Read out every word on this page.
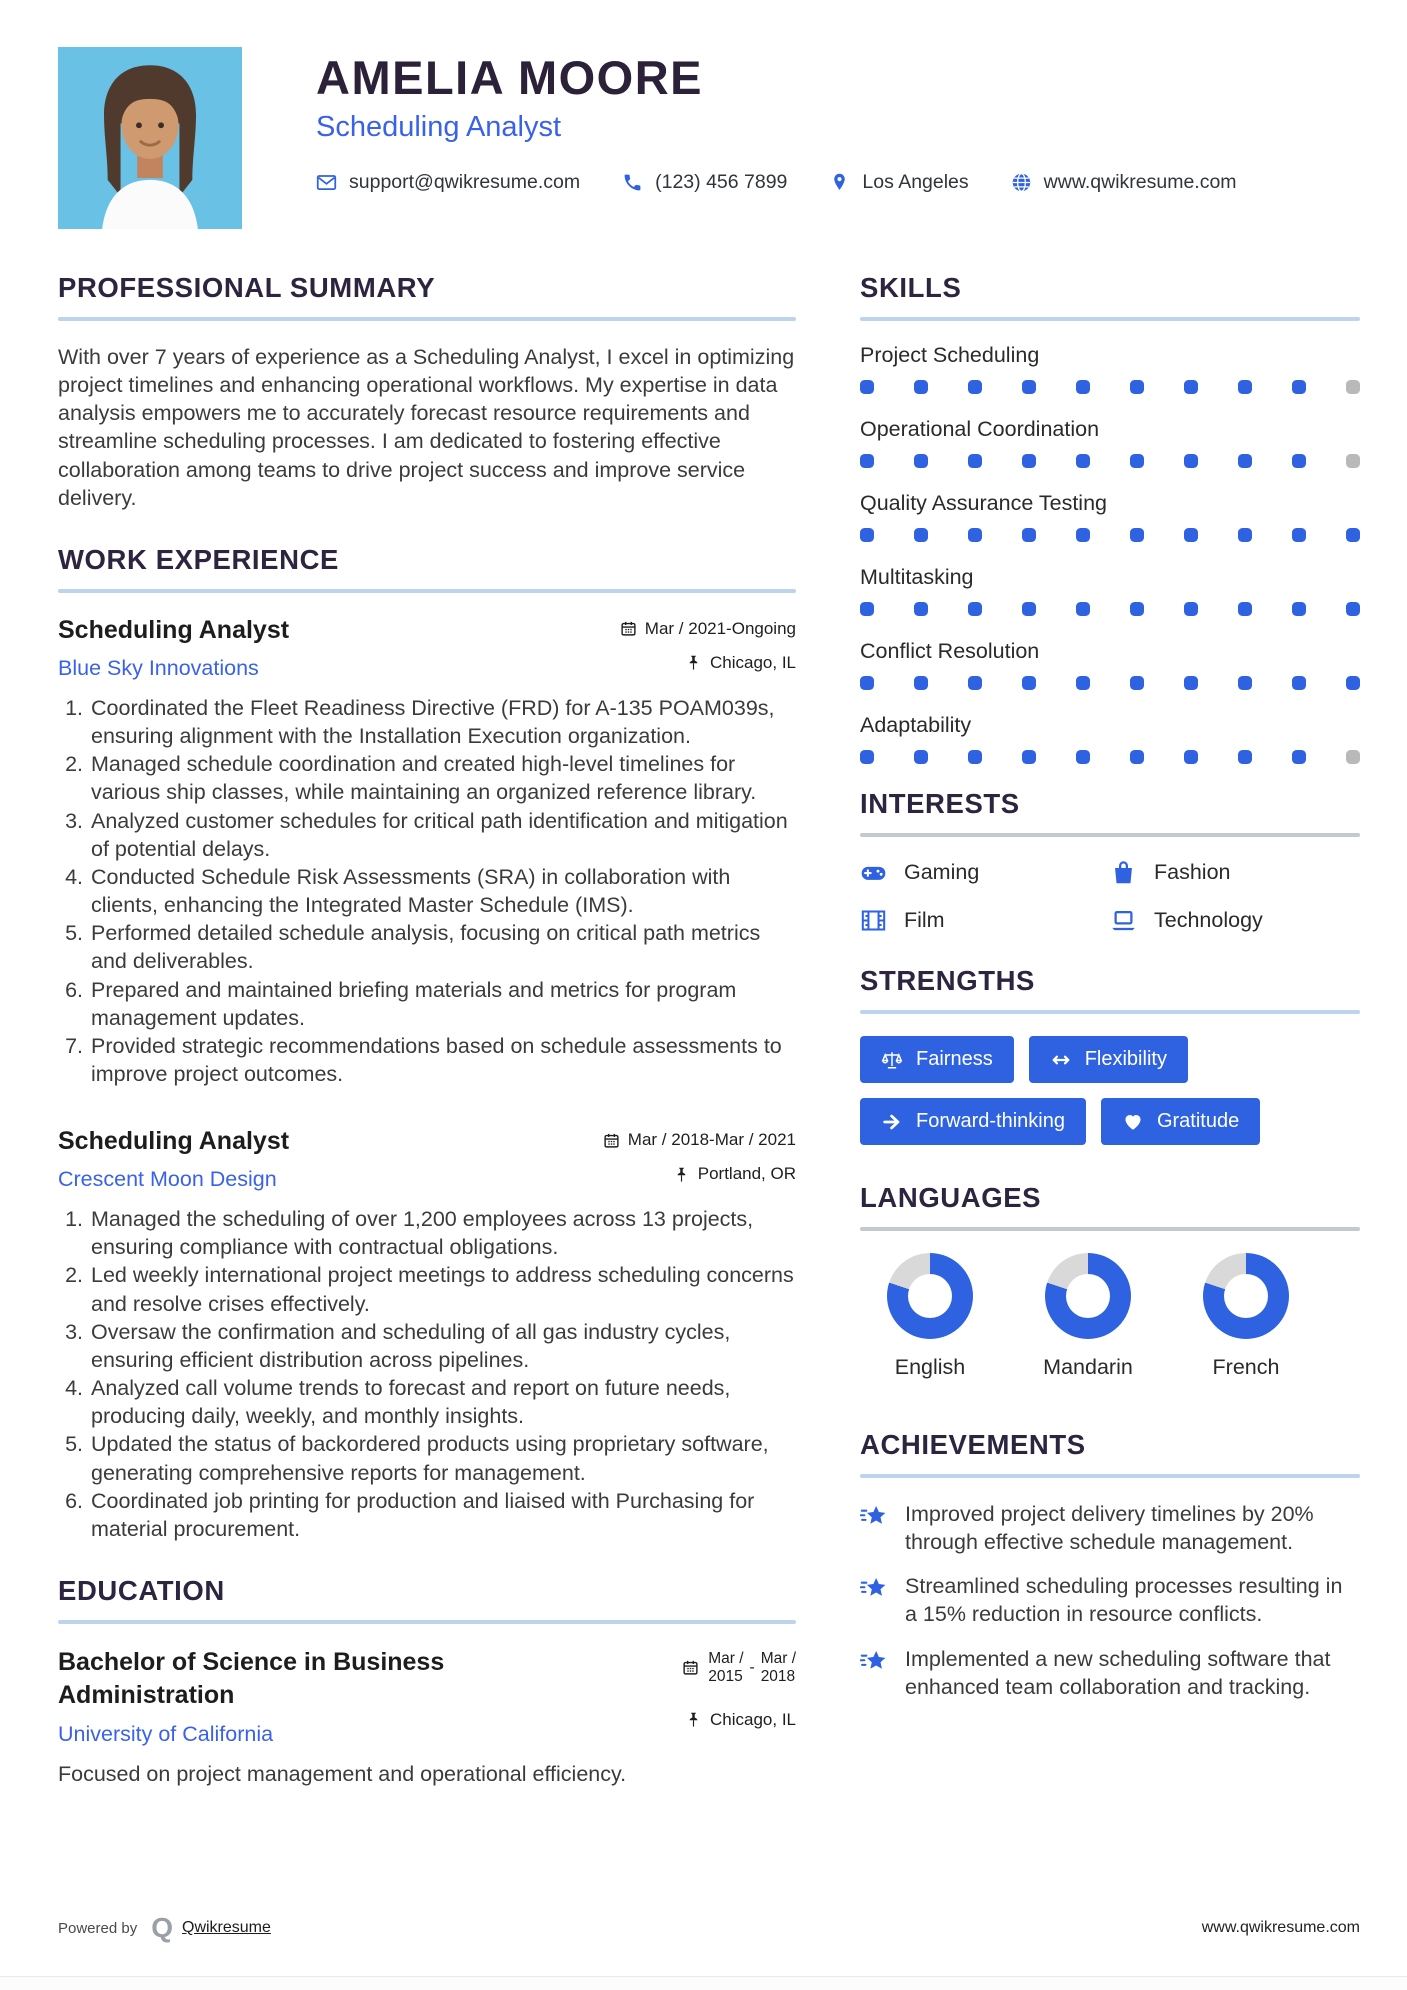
AMELIA MOORE
Scheduling Analyst
support@qwikresume.com	(123) 456 7899	Los Angeles	www.qwikresume.com
PROFESSIONAL SUMMARY

With over 7 years of experience as a Scheduling Analyst, I excel in optimizing project timelines and enhancing operational workflows. My expertise in data analysis empowers me to accurately forecast resource requirements and streamline scheduling processes. I am dedicated to fostering effective collaboration among teams to drive project success and improve service delivery.

WORK EXPERIENCE
Scheduling Analyst
Blue Sky Innovations
Mar / 2021-Ongoing
Chicago, IL
1. Coordinated the Fleet Readiness Directive (FRD) for A-135 POAM039s, ensuring alignment with the Installation Execution organization.
2. Managed schedule coordination and created high-level timelines for various ship classes, while maintaining an organized reference library.
3. Analyzed customer schedules for critical path identification and mitigation of potential delays.
4. Conducted Schedule Risk Assessments (SRA) in collaboration with clients, enhancing the Integrated Master Schedule (IMS).
5. Performed detailed schedule analysis, focusing on critical path metrics and deliverables.
6. Prepared and maintained briefing materials and metrics for program management updates.
7. Provided strategic recommendations based on schedule assessments to improve project outcomes.
Scheduling Analyst
Crescent Moon Design
Mar / 2018-Mar / 2021
Portland, OR
1. Managed the scheduling of over 1,200 employees across 13 projects, ensuring compliance with contractual obligations.
2. Led weekly international project meetings to address scheduling concerns and resolve crises effectively.
3. Oversaw the confirmation and scheduling of all gas industry cycles, ensuring efficient distribution across pipelines.
4. Analyzed call volume trends to forecast and report on future needs, producing daily, weekly, and monthly insights.
5. Updated the status of backordered products using proprietary software, generating comprehensive reports for management.
6. Coordinated job printing for production and liaised with Purchasing for material procurement.
EDUCATION
Bachelor of Science in Business Administration
University of California
Mar /
2015
-
Mar /
2018
Chicago, IL

Focused on project management and operational efficiency.

SKILLS
Project Scheduling
Operational Coordination
Quality Assurance Testing
Multitasking
Conflict Resolution
Adaptability
INTERESTS
Gaming	Fashion
Film	Technology
STRENGTHS
Fairness	Flexibility
Forward-thinking	Gratitude
LANGUAGES
English	Mandarin	French
ACHIEVEMENTS
Improved project delivery timelines by 20% through effective schedule management.
Streamlined scheduling processes resulting in a 15% reduction in resource conflicts.
Implemented a new scheduling software that enhanced team collaboration and tracking.
Powered by Q Qwikresume	www.qwikresume.com
